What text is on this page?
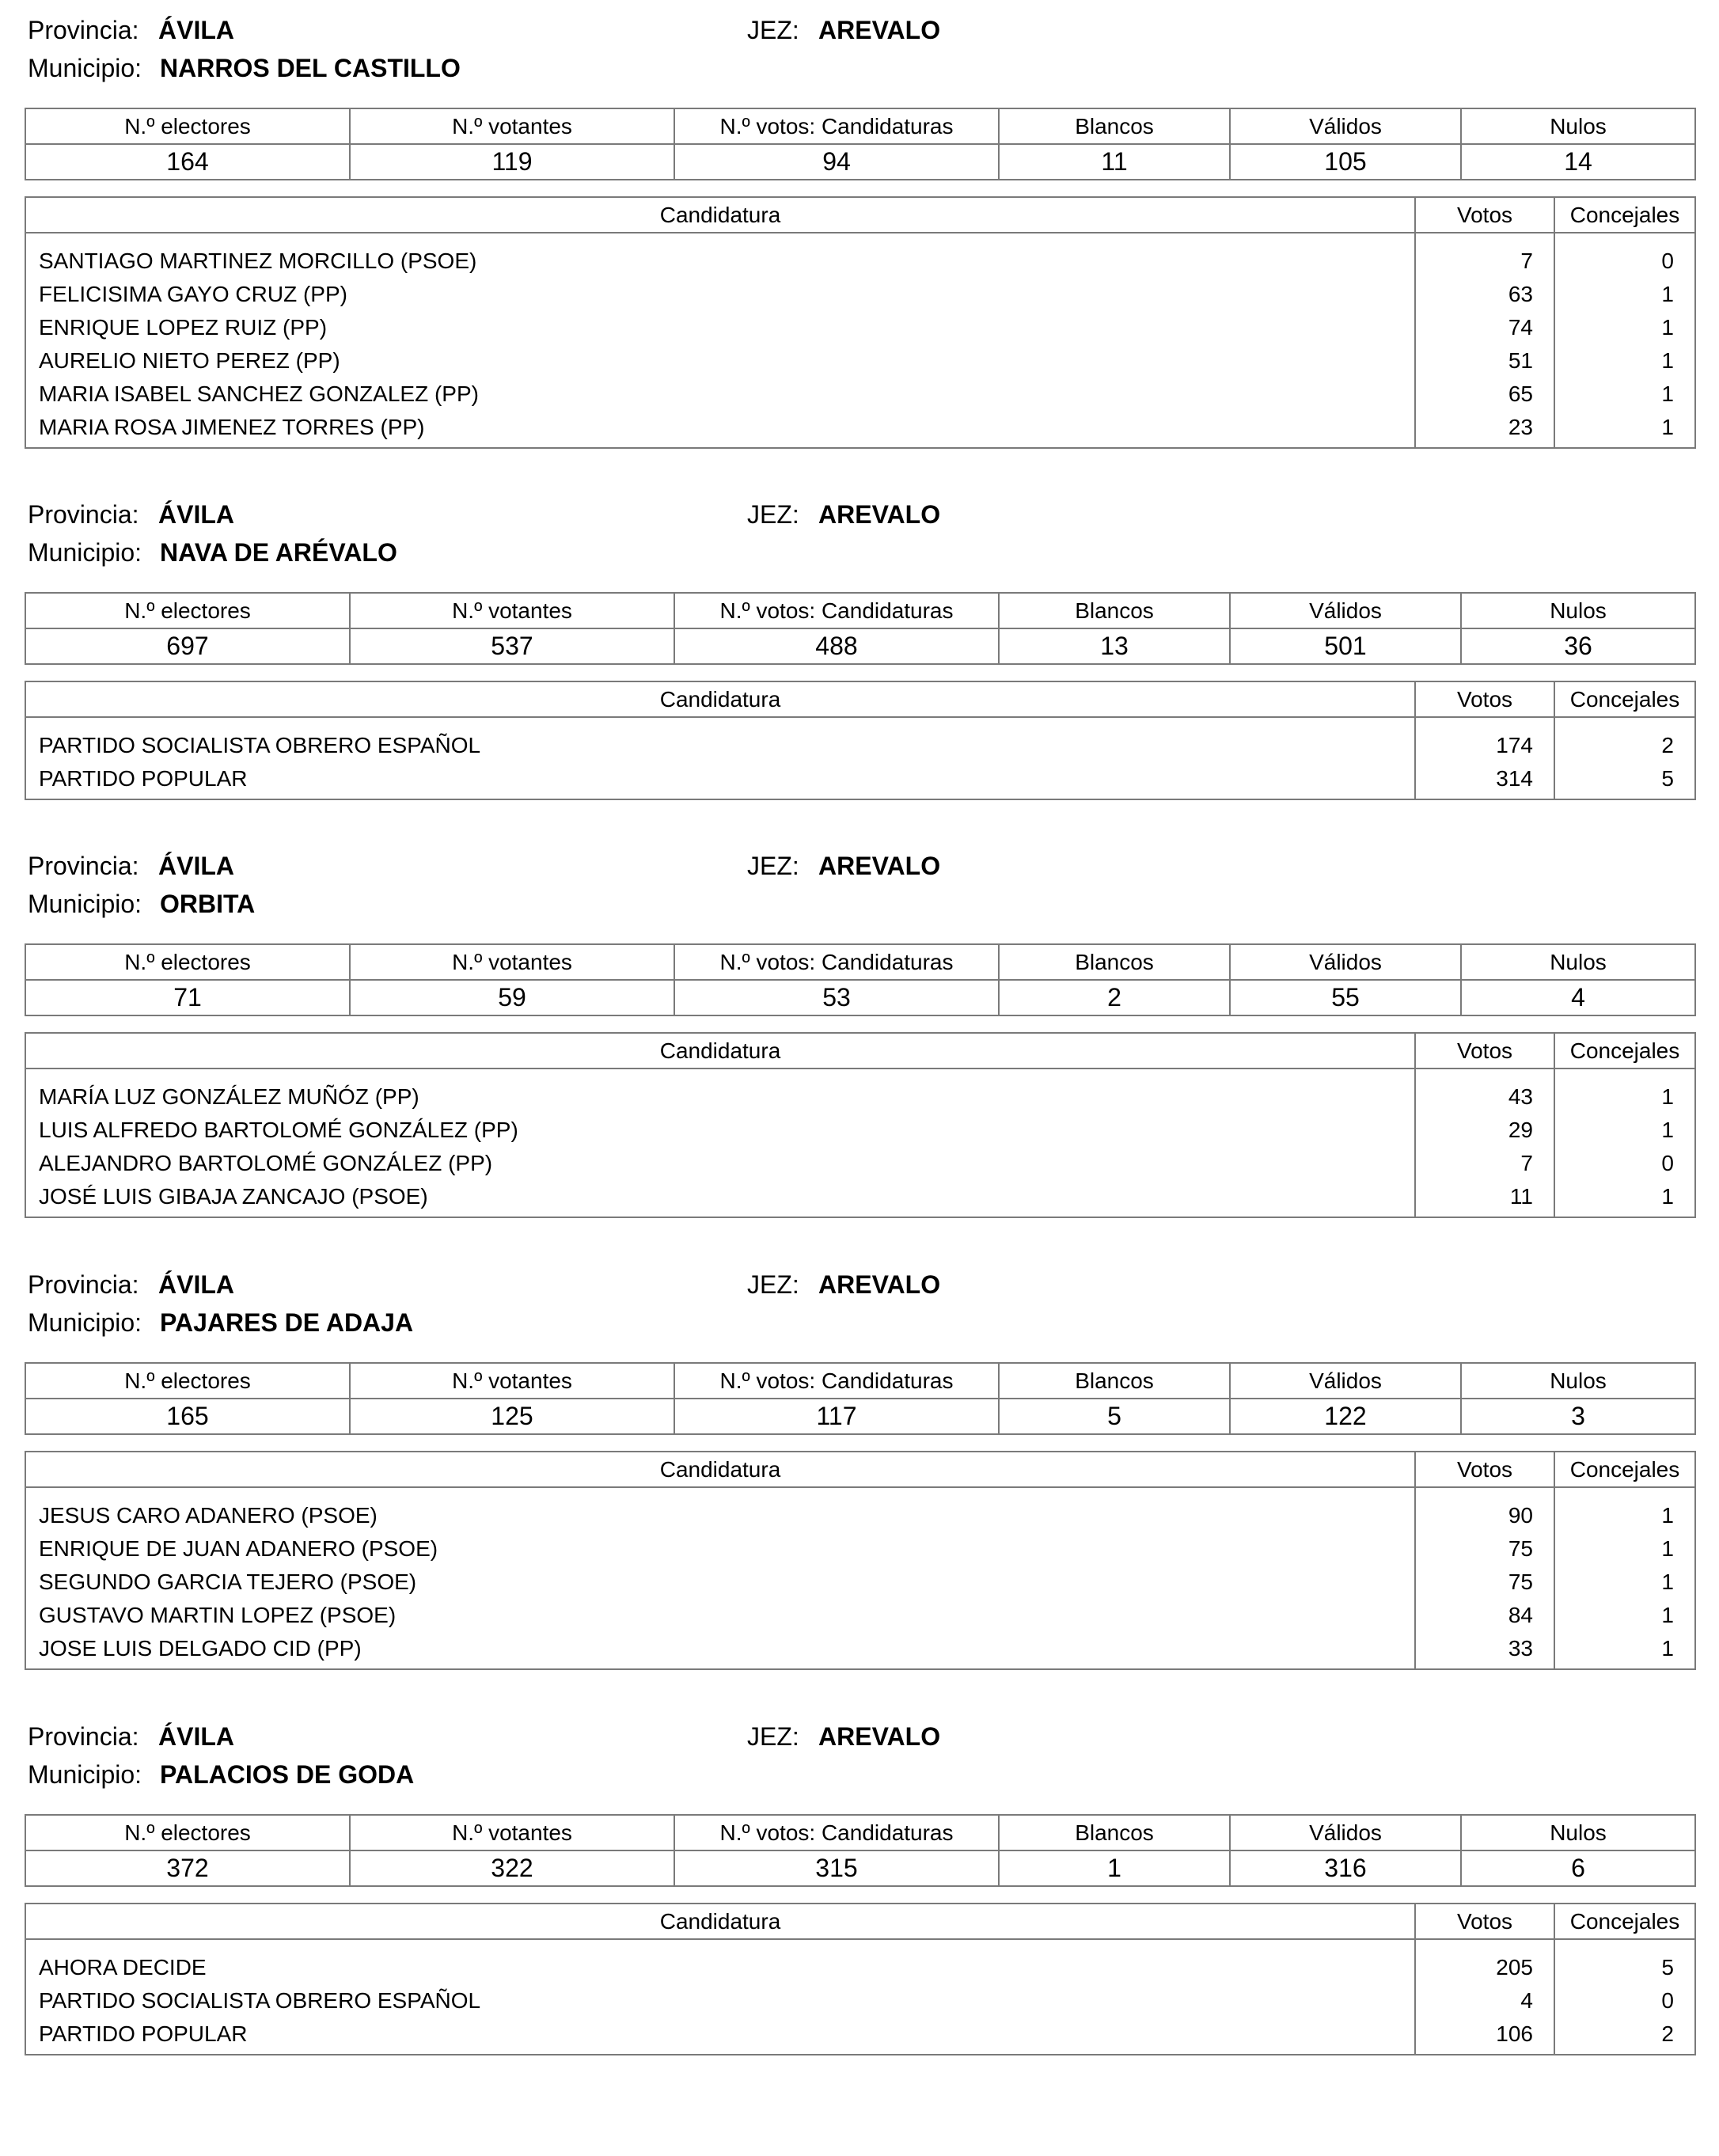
Provincia: ÁVILA	JEZ: AREVALO
Municipio: NARROS DEL CASTILLO
N.º electores	N.º votantes	N.º votos: Candidaturas	Blancos	Válidos	Nulos
164	119	94	11	105	14
Candidatura	Votos	Concejales

SANTIAGO MARTINEZ MORCILLO (PSOE)	7	0
FELICISIMA GAYO CRUZ (PP)	63	1
ENRIQUE LOPEZ RUIZ (PP)	74	1
AURELIO NIETO PEREZ (PP)	51	1
MARIA ISABEL SANCHEZ GONZALEZ (PP)	65	1
MARIA ROSA JIMENEZ TORRES (PP)	23	1
Provincia: ÁVILA	JEZ: AREVALO
Municipio: NAVA DE ARÉVALO
N.º electores	N.º votantes	N.º votos: Candidaturas	Blancos	Válidos	Nulos
697	537	488	13	501	36
Candidatura	Votos	Concejales

PARTIDO SOCIALISTA OBRERO ESPAÑOL	174	2
PARTIDO POPULAR	314	5
Provincia: ÁVILA	JEZ: AREVALO
Municipio: ORBITA
N.º electores	N.º votantes	N.º votos: Candidaturas	Blancos	Válidos	Nulos
71	59	53	2	55	4
Candidatura	Votos	Concejales

MARÍA LUZ GONZÁLEZ MUÑÓZ (PP)	43	1
LUIS ALFREDO BARTOLOMÉ GONZÁLEZ (PP)	29	1
ALEJANDRO BARTOLOMÉ GONZÁLEZ (PP)	7	0
JOSÉ LUIS GIBAJA ZANCAJO (PSOE)	11	1
Provincia: ÁVILA	JEZ: AREVALO
Municipio: PAJARES DE ADAJA
N.º electores	N.º votantes	N.º votos: Candidaturas	Blancos	Válidos	Nulos
165	125	117	5	122	3
Candidatura	Votos	Concejales

JESUS CARO ADANERO (PSOE)	90	1
ENRIQUE DE JUAN ADANERO (PSOE)	75	1
SEGUNDO GARCIA TEJERO (PSOE)	75	1
GUSTAVO MARTIN LOPEZ (PSOE)	84	1
JOSE LUIS DELGADO CID (PP)	33	1
Provincia: ÁVILA	JEZ: AREVALO
Municipio: PALACIOS DE GODA
N.º electores	N.º votantes	N.º votos: Candidaturas	Blancos	Válidos	Nulos
372	322	315	1	316	6
Candidatura	Votos	Concejales

AHORA DECIDE	205	5
PARTIDO SOCIALISTA OBRERO ESPAÑOL	4	0
PARTIDO POPULAR	106	2
